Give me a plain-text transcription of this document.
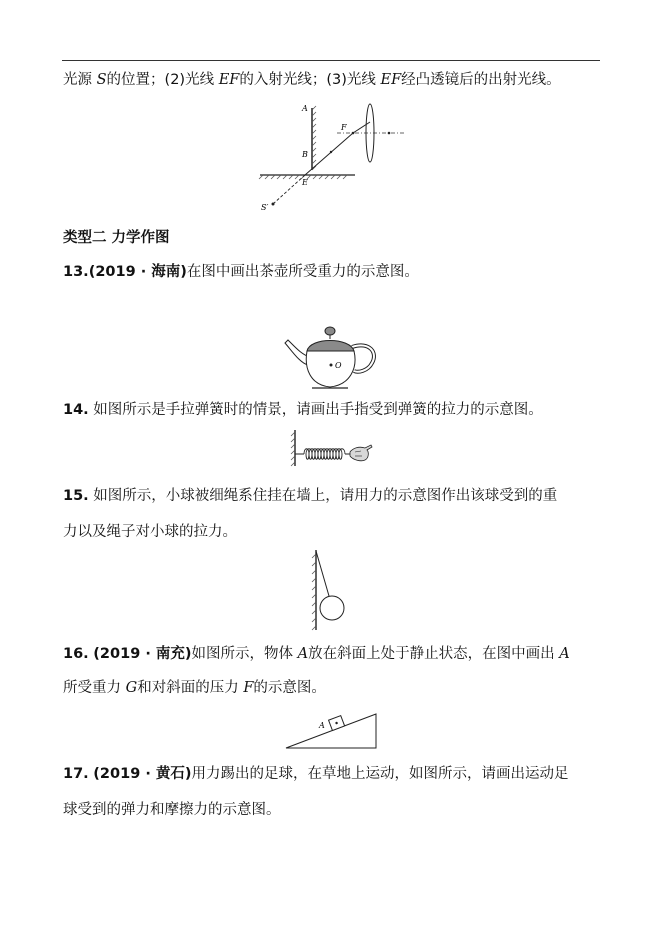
光源 S的位置；(2)光线 EF的入射光线；(3)光线 EF经凸透镜后的出射光线。
A
B
E
F
S′
类型二 力学作图
13.(2019 · 海南)在图中画出茶壶所受重力的示意图。
O
14. 如图所示是手拉弹簧时的情景，请画出手指受到弹簧的拉力的示意图。
15. 如图所示，小球被细绳系住挂在墙上，请用力的示意图作出该球受到的重
力以及绳子对小球的拉力。
16. (2019 · 南充)如图所示，物体 A放在斜面上处于静止状态，在图中画出 A
所受重力 G和对斜面的压力 F的示意图。
A
17. (2019 · 黄石)用力踢出的足球，在草地上运动，如图所示，请画出运动足
球受到的弹力和摩擦力的示意图。
